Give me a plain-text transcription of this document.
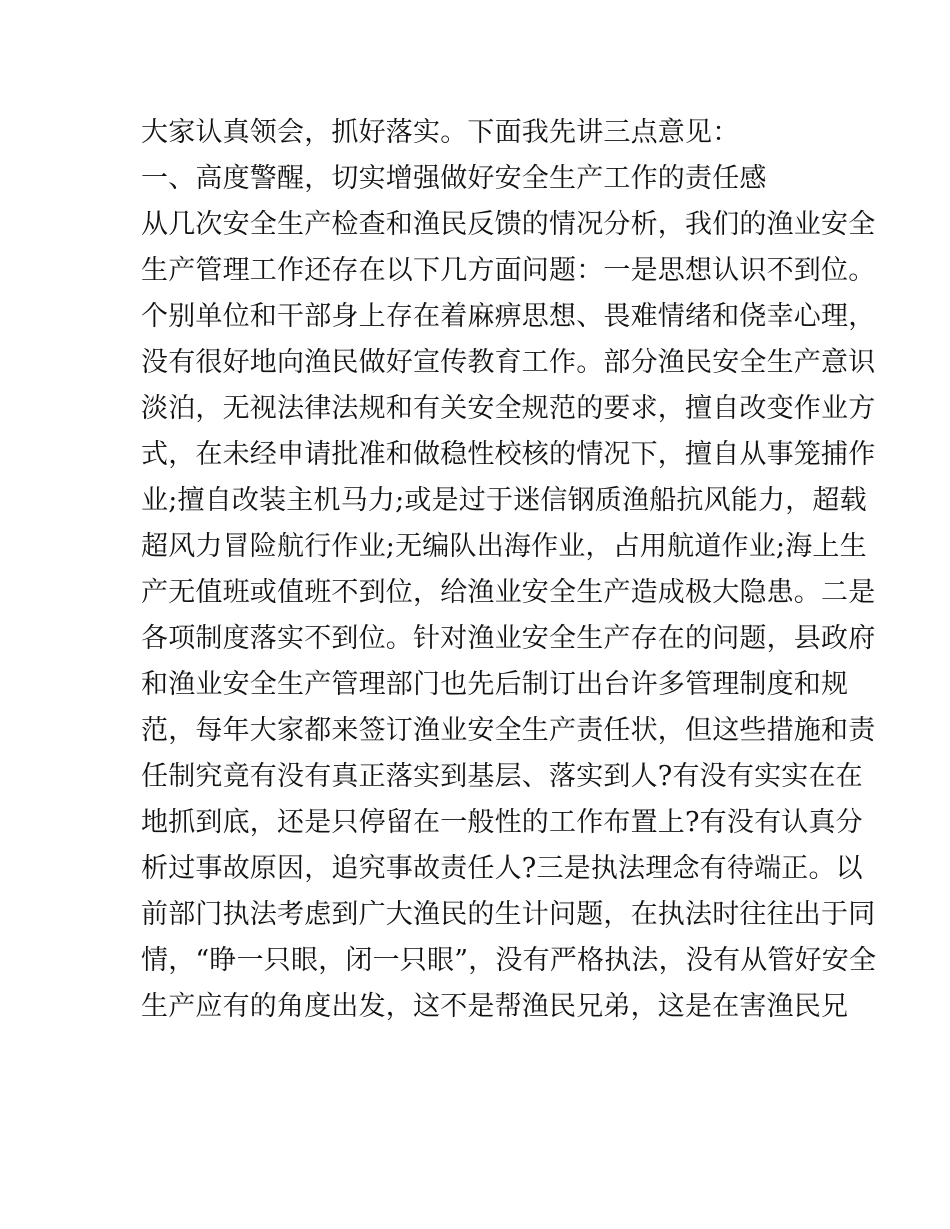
大家认真领会，抓好落实。下面我先讲三点意见：
一、高度警醒，切实增强做好安全生产工作的责任感
从几次安全生产检查和渔民反馈的情况分析，我们的渔业安全
生产管理工作还存在以下几方面问题：一是思想认识不到位。
个别单位和干部身上存在着麻痹思想、畏难情绪和侥幸心理，
没有很好地向渔民做好宣传教育工作。部分渔民安全生产意识
淡泊，无视法律法规和有关安全规范的要求，擅自改变作业方
式，在未经申请批准和做稳性校核的情况下，擅自从事笼捕作
业;擅自改装主机马力;或是过于迷信钢质渔船抗风能力，超载
超风力冒险航行作业;无编队出海作业，占用航道作业;海上生
产无值班或值班不到位，给渔业安全生产造成极大隐患。二是
各项制度落实不到位。针对渔业安全生产存在的问题，县政府
和渔业安全生产管理部门也先后制订出台许多管理制度和规
范，每年大家都来签订渔业安全生产责任状，但这些措施和责
任制究竟有没有真正落实到基层、落实到人?有没有实实在在
地抓到底，还是只停留在一般性的工作布置上?有没有认真分
析过事故原因，追究事故责任人?三是执法理念有待端正。以
前部门执法考虑到广大渔民的生计问题，在执法时往往出于同
情，“睁一只眼，闭一只眼”，没有严格执法，没有从管好安全
生产应有的角度出发，这不是帮渔民兄弟，这是在害渔民兄
